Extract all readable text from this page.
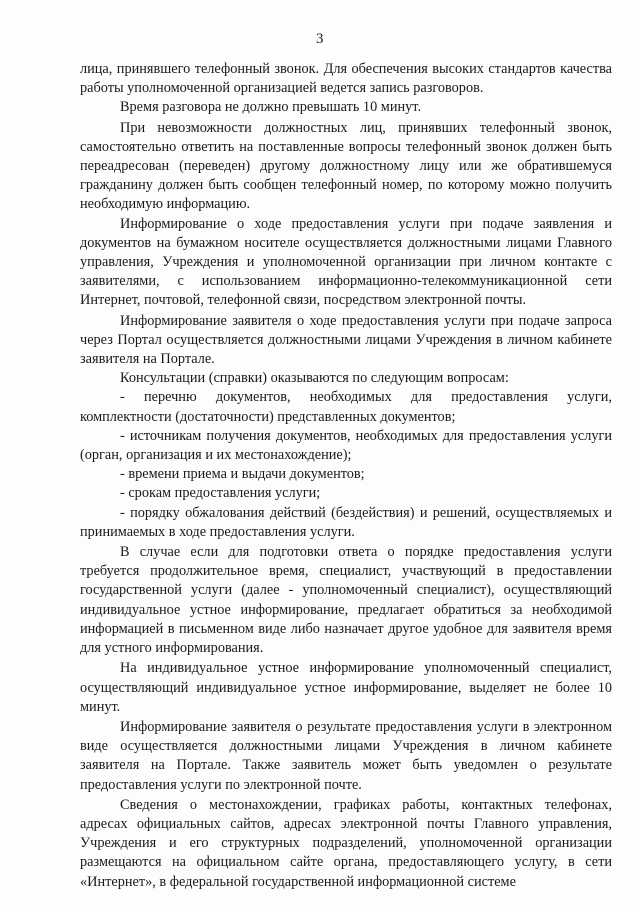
3

лица, принявшего телефонный звонок. Для обеспечения высоких стандартов качества работы уполномоченной организацией ведется запись разговоров.

Время разговора не должно превышать 10 минут.

При невозможности должностных лиц, принявших телефонный звонок, самостоятельно ответить на поставленные вопросы телефонный звонок должен быть переадресован (переведен) другому должностному лицу или же обратившемуся гражданину должен быть сообщен телефонный номер, по которому можно получить необходимую информацию.

Информирование о ходе предоставления услуги при подаче заявления и документов на бумажном носителе осуществляется должностными лицами Главного управления, Учреждения и уполномоченной организации при личном контакте с заявителями, с использованием информационно-телекоммуникационной сети Интернет, почтовой, телефонной связи, посредством электронной почты.

Информирование заявителя о ходе предоставления услуги при подаче запроса через Портал осуществляется должностными лицами Учреждения в личном кабинете заявителя на Портале.

Консультации (справки) оказываются по следующим вопросам:

- перечню документов, необходимых для предоставления услуги, комплектности (достаточности) представленных документов;

- источникам получения документов, необходимых для предоставления услуги (орган, организация и их местонахождение);

- времени приема и выдачи документов;

- срокам предоставления услуги;

- порядку обжалования действий (бездействия) и решений, осуществляемых и принимаемых в ходе предоставления услуги.

В случае если для подготовки ответа о порядке предоставления услуги требуется продолжительное время, специалист, участвующий в предоставлении государственной услуги (далее - уполномоченный специалист), осуществляющий индивидуальное устное информирование, предлагает обратиться за необходимой информацией в письменном виде либо назначает другое удобное для заявителя время для устного информирования.

На индивидуальное устное информирование уполномоченный специалист, осуществляющий индивидуальное устное информирование, выделяет не более 10 минут.

Информирование заявителя о результате предоставления услуги в электронном виде осуществляется должностными лицами Учреждения в личном кабинете заявителя на Портале. Также заявитель может быть уведомлен о результате предоставления услуги по электронной почте.

Сведения о местонахождении, графиках работы, контактных телефонах, адресах официальных сайтов, адресах электронной почты Главного управления, Учреждения и его структурных подразделений, уполномоченной организации размещаются на официальном сайте органа, предоставляющего услугу, в сети «Интернет», в федеральной государственной информационной системе
